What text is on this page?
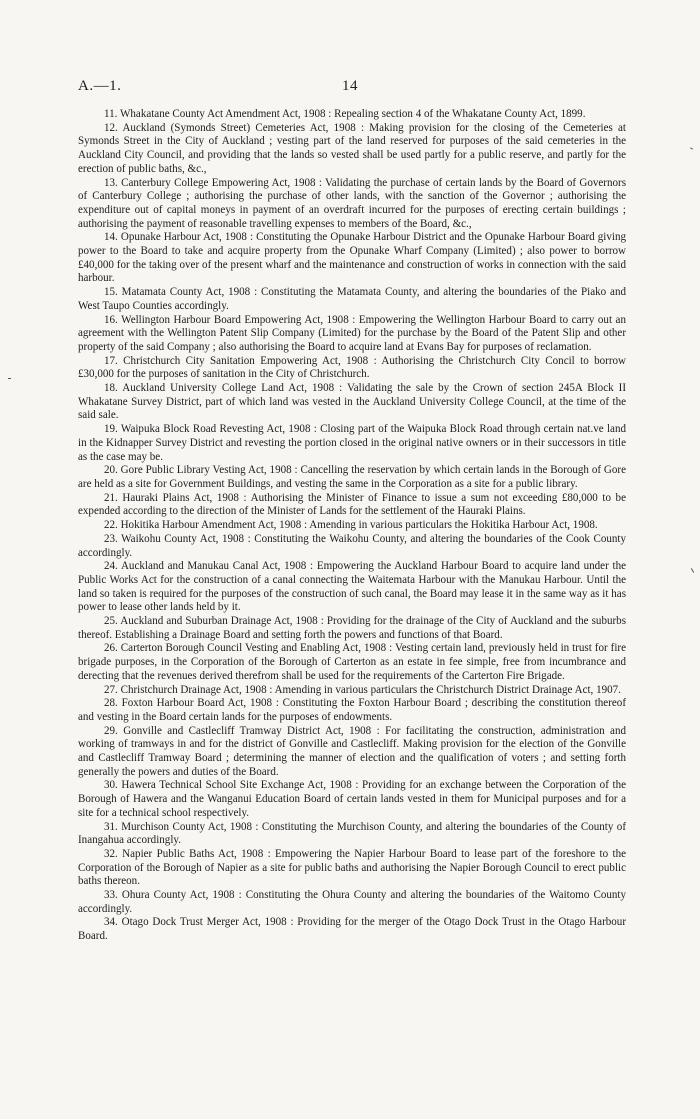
A.—1.	14

11. Whakatane County Act Amendment Act, 1908 : Repealing section 4 of the Whakatane County Act, 1899.

12. Auckland (Symonds Street) Cemeteries Act, 1908 : Making provision for the closing of the Cemeteries at Symonds Street in the City of Auckland ; vesting part of the land reserved for purposes of the said cemeteries in the Auckland City Council, and providing that the lands so vested shall be used partly for a public reserve, and partly for the erection of public baths, &c.,

13. Canterbury College Empowering Act, 1908 : Validating the purchase of certain lands by the Board of Governors of Canterbury College ; authorising the purchase of other lands, with the sanction of the Governor ; authorising the expenditure out of capital moneys in payment of an overdraft incurred for the purposes of erecting certain buildings ; authorising the payment of reasonable travelling expenses to members of the Board, &c.,

14. Opunake Harbour Act, 1908 : Constituting the Opunake Harbour District and the Opunake Harbour Board giving power to the Board to take and acquire property from the Opunake Wharf Company (Limited) ; also power to borrow £40,000 for the taking over of the present wharf and the maintenance and construction of works in connection with the said harbour.

15. Matamata County Act, 1908 : Constituting the Matamata County, and altering the boundaries of the Piako and West Taupo Counties accordingly.

16. Wellington Harbour Board Empowering Act, 1908 : Empowering the Wellington Harbour Board to carry out an agreement with the Wellington Patent Slip Company (Limited) for the purchase by the Board of the Patent Slip and other property of the said Company ; also authorising the Board to acquire land at Evans Bay for purposes of reclamation.

17. Christchurch City Sanitation Empowering Act, 1908 : Authorising the Christchurch City Concil to borrow £30,000 for the purposes of sanitation in the City of Christchurch.

18. Auckland University College Land Act, 1908 : Validating the sale by the Crown of section 245A Block II Whakatane Survey District, part of which land was vested in the Auckland University College Council, at the time of the said sale.

19. Waipuka Block Road Revesting Act, 1908 : Closing part of the Waipuka Block Road through certain nat.ve land in the Kidnapper Survey District and revesting the portion closed in the original native owners or in their successors in title as the case may be.

20. Gore Public Library Vesting Act, 1908 : Cancelling the reservation by which certain lands in the Borough of Gore are held as a site for Government Buildings, and vesting the same in the Corporation as a site for a public library.

21. Hauraki Plains Act, 1908 : Authorising the Minister of Finance to issue a sum not exceeding £80,000 to be expended according to the direction of the Minister of Lands for the settlement of the Hauraki Plains.

22. Hokitika Harbour Amendment Act, 1908 : Amending in various particulars the Hokitika Harbour Act, 1908.

23. Waikohu County Act, 1908 : Constituting the Waikohu County, and altering the boundaries of the Cook County accordingly.

24. Auckland and Manukau Canal Act, 1908 : Empowering the Auckland Harbour Board to acquire land under the Public Works Act for the construction of a canal connecting the Waitemata Harbour with the Manukau Harbour. Until the land so taken is required for the purposes of the construction of such canal, the Board may lease it in the same way as it has power to lease other lands held by it.

25. Auckland and Suburban Drainage Act, 1908 : Providing for the drainage of the City of Auckland and the suburbs thereof. Establishing a Drainage Board and setting forth the powers and functions of that Board.

26. Carterton Borough Council Vesting and Enabling Act, 1908 : Vesting certain land, previously held in trust for fire brigade purposes, in the Corporation of the Borough of Carterton as an estate in fee simple, free from incumbrance and derecting that the revenues derived therefrom shall be used for the requirements of the Carterton Fire Brigade.

27. Christchurch Drainage Act, 1908 : Amending in various particulars the Christchurch District Drainage Act, 1907.

28. Foxton Harbour Board Act, 1908 : Constituting the Foxton Harbour Board ; describing the constitution thereof and vesting in the Board certain lands for the purposes of endowments.

29. Gonville and Castlecliff Tramway District Act, 1908 : For facilitating the construction, administration and working of tramways in and for the district of Gonville and Castlecliff. Making provision for the election of the Gonville and Castlecliff Tramway Board ; determining the manner of election and the qualification of voters ; and setting forth generally the powers and duties of the Board.

30. Hawera Technical School Site Exchange Act, 1908 : Providing for an exchange between the Corporation of the Borough of Hawera and the Wanganui Education Board of certain lands vested in them for Municipal purposes and for a site for a technical school respectively.

31. Murchison County Act, 1908 : Constituting the Murchison County, and altering the boundaries of the County of Inangahua accordingly.

32. Napier Public Baths Act, 1908 : Empowering the Napier Harbour Board to lease part of the foreshore to the Corporation of the Borough of Napier as a site for public baths and authorising the Napier Borough Council to erect public baths thereon.

33. Ohura County Act, 1908 : Constituting the Ohura County and altering the boundaries of the Waitomo County accordingly.

34. Otago Dock Trust Merger Act, 1908 : Providing for the merger of the Otago Dock Trust in the Otago Harbour Board.
